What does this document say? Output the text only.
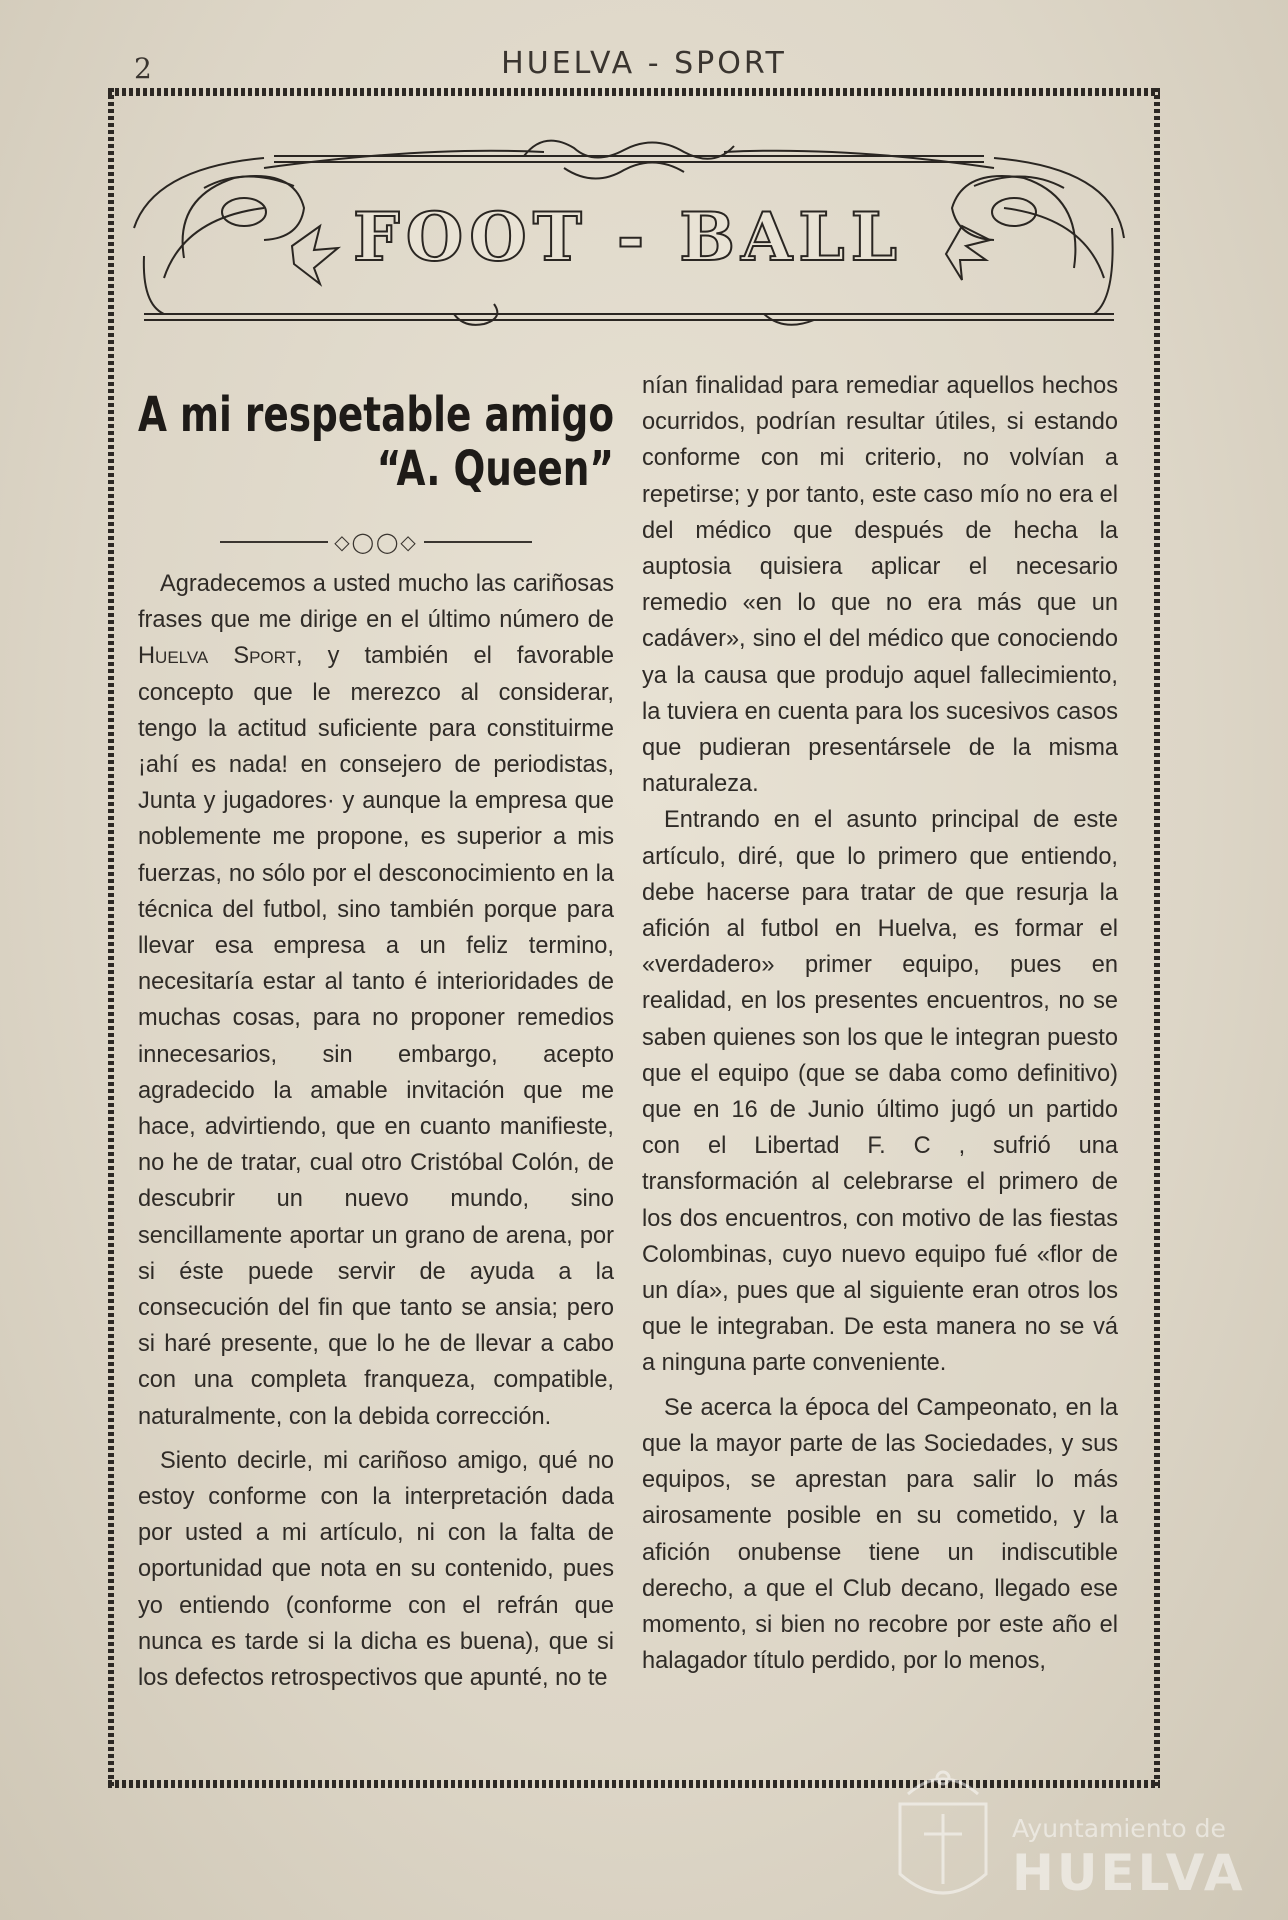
2	HUELVA - SPORT
FOOT - BALL
A mi respetable amigo
“A. Queen”
◇◯◯◇

Agradecemos a usted mucho las cariñosas frases que me dirige en el último número de Huelva Sport, y también el favorable concepto que le merezco al considerar, tengo la actitud suficiente para constituirme ¡ahí es nada! en consejero de periodistas, Junta y jugadores· y aunque la empresa que noblemente me propone, es superior a mis fuerzas, no sólo por el desconocimiento en la técnica del futbol, sino también porque para llevar esa empresa a un feliz termino, necesitaría estar al tanto é interioridades de muchas cosas, para no proponer remedios innecesarios, sin embargo, acepto agradecido la amable invitación que me hace, advirtiendo, que en cuanto manifieste, no he de tratar, cual otro Cristóbal Colón, de descubrir un nuevo mundo, sino sencillamente aportar un grano de arena, por si éste puede servir de ayuda a la consecución del fin que tanto se ansia; pero si haré presente, que lo he de llevar a cabo con una completa franqueza, compatible, naturalmente, con la debida corrección.

Siento decirle, mi cariñoso amigo, qué no estoy conforme con la interpretación dada por usted a mi artículo, ni con la falta de oportunidad que nota en su contenido, pues yo entiendo (conforme con el refrán que nunca es tarde si la dicha es buena), que si los defectos retrospectivos que apunté, no te

nían finalidad para remediar aquellos hechos ocurridos, podrían resultar útiles, si estando conforme con mi criterio, no volvían a repetirse; y por tanto, este caso mío no era el del médico que después de hecha la auptosia quisiera aplicar el necesario remedio «en lo que no era más que un cadáver», sino el del médico que conociendo ya la causa que produjo aquel fallecimiento, la tuviera en cuenta para los sucesivos casos que pudieran presentársele de la misma naturaleza.

Entrando en el asunto principal de este artículo, diré, que lo primero que entiendo, debe hacerse para tratar de que resurja la afición al futbol en Huelva, es formar el «verdadero» primer equipo, pues en realidad, en los presentes encuentros, no se saben quienes son los que le integran puesto que el equipo (que se daba como definitivo) que en 16 de Junio último jugó un partido con el Libertad F. C , sufrió una transformación al celebrarse el primero de los dos encuentros, con motivo de las fiestas Colombinas, cuyo nuevo equipo fué «flor de un día», pues que al siguiente eran otros los que le integraban. De esta manera no se vá a ninguna parte conveniente.

Se acerca la época del Campeonato, en la que la mayor parte de las Sociedades, y sus equipos, se aprestan para salir lo más airosamente posible en su cometido, y la afición onubense tiene un indiscutible derecho, a que el Club decano, llegado ese momento, si bien no recobre por este año el halagador título perdido, por lo menos,

Ayuntamiento de
HUELVA
